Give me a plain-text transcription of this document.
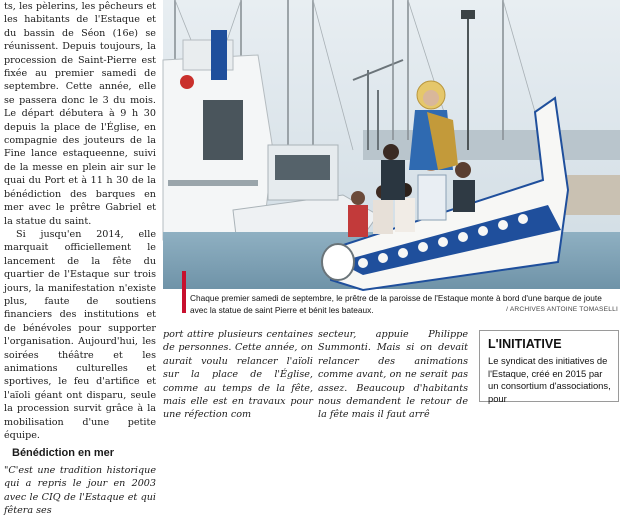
ts, les pèlerins, les pêcheurs et les habitants de l'Estaque et du bassin de Séon (16e) se réunissent. Depuis toujours, la procession de Saint-Pierre est fixée au premier samedi de septembre. Cette année, elle se passera donc le 3 du mois. Le départ débutera à 9 h 30 depuis la place de l'Église, en compagnie des jouteurs de la Fine lance estaqueenne, suivi de la messe en plein air sur le quai du Port et à 11 h 30 de la bénédiction des barques en mer avec le prêtre Gabriel et la statue du saint.

Si jusqu'en 2014, elle marquait officiellement le lancement de la fête du quartier de l'Estaque sur trois jours, la manifestation n'existe plus, faute de soutiens financiers des institutions et de bénévoles pour supporter l'organisation. Aujourd'hui, les soirées théâtre et les animations culturelles et sportives, le feu d'artifice et l'aïoli géant ont disparu, seule la procession survit grâce à la mobilisation d'une petite équipe.

Bénédiction en mer

"C'est une tradition historique qui a repris le jour en 2003 avec le CIQ de l'Estaque et qui fêtera ses

Chaque premier samedi de septembre, le prêtre de la paroisse de l'Estaque monte à bord d'une barque de joute avec la statue de saint Pierre et bénit les bateaux.	/ ARCHIVES ANTOINE TOMASELLI

port attire plusieurs centaines de personnes. Cette année, on aurait voulu relancer l'aïoli sur la place de l'Église, comme au temps de la fête, mais elle est en travaux pour une réfection com

secteur, appuie Philippe Summonti. Mais si on devait relancer des animations comme avant, on ne serait pas assez. Beaucoup d'habitants nous demandent le retour de la fête mais il faut arrê

L'INITIATIVE
Le syndicat des initiatives de l'Estaque, créé en 2015 par un consortium d'associations, pour
